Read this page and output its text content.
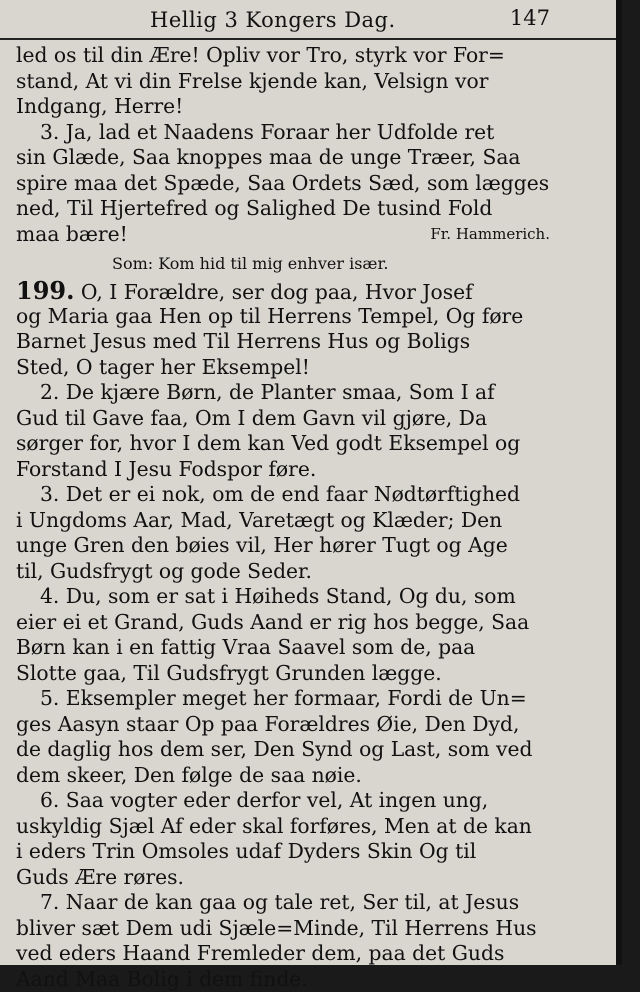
Hellig 3 Kongers Dag.	147
led os til din Ære! Opliv vor Tro, styrk vor For=
stand, At vi din Frelse kjende kan, Velsign vor
Indgang, Herre!
3. Ja, lad et Naadens Foraar her Udfolde ret
sin Glæde, Saa knoppes maa de unge Træer, Saa
spire maa det Spæde, Saa Ordets Sæd, som lægges
ned, Til Hjertefred og Salighed De tusind Fold
maa bære!	Fr. Hammerich.
Som: Kom hid til mig enhver især.
199. O, I Forældre, ser dog paa, Hvor Josef
og Maria gaa Hen op til Herrens Tempel, Og føre
Barnet Jesus med Til Herrens Hus og Boligs
Sted, O tager her Eksempel!
2. De kjære Børn, de Planter smaa, Som I af
Gud til Gave faa, Om I dem Gavn vil gjøre, Da
sørger for, hvor I dem kan Ved godt Eksempel og
Forstand I Jesu Fodspor føre.
3. Det er ei nok, om de end faar Nødtørftighed
i Ungdoms Aar, Mad, Varetægt og Klæder; Den
unge Gren den bøies vil, Her hører Tugt og Age
til, Gudsfrygt og gode Seder.
4. Du, som er sat i Høiheds Stand, Og du, som
eier ei et Grand, Guds Aand er rig hos begge, Saa
Børn kan i en fattig Vraa Saavel som de, paa
Slotte gaa, Til Gudsfrygt Grunden lægge.
5. Eksempler meget her formaar, Fordi de Un=
ges Aasyn staar Op paa Forældres Øie, Den Dyd,
de daglig hos dem ser, Den Synd og Last, som ved
dem skeer, Den følge de saa nøie.
6. Saa vogter eder derfor vel, At ingen ung,
uskyldig Sjæl Af eder skal forføres, Men at de kan
i eders Trin Omsoles udaf Dyders Skin Og til
Guds Ære røres.
7. Naar de kan gaa og tale ret, Ser til, at Jesus
bliver sæt Dem udi Sjæle=Minde, Til Herrens Hus
ved eders Haand Fremleder dem, paa det Guds
Aand Maa Bolig i dem finde.
